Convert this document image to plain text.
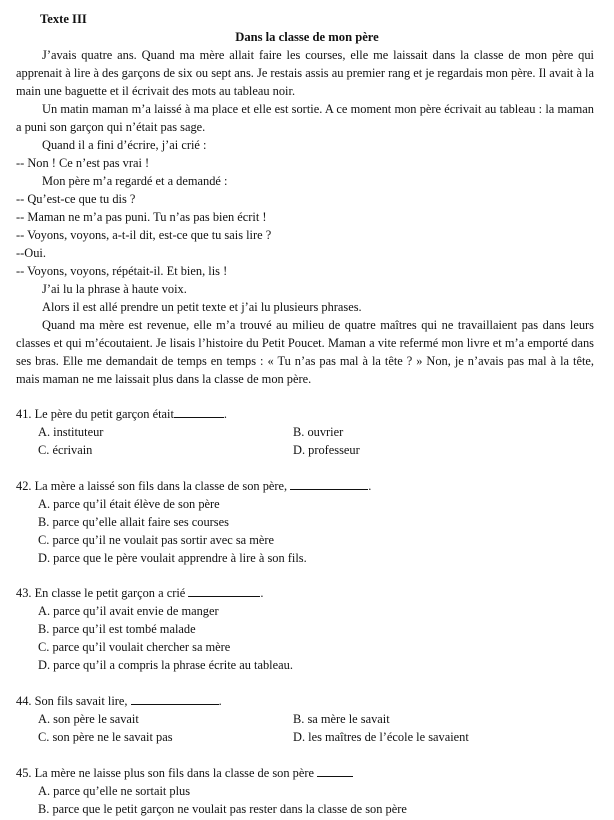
Texte III
Dans la classe de mon père

J’avais quatre ans. Quand ma mère allait faire les courses, elle me laissait dans la classe de mon père qui apprenait à lire à des garçons de six ou sept ans. Je restais assis au premier rang et je regardais mon père. Il avait à la main une baguette et il écrivait des mots au tableau noir.

Un matin maman m’a laissé à ma place et elle est sortie. A ce moment mon père écrivait au tableau : la maman a puni son garçon qui n’était pas sage.

Quand il a fini d’écrire, j’ai crié :

-- Non ! Ce n’est pas vrai !

Mon père m’a regardé et a demandé :

-- Qu’est-ce que tu dis ?

-- Maman ne m’a pas puni. Tu n’as pas bien écrit !

-- Voyons, voyons, a-t-il dit, est-ce que tu sais lire ?

--Oui.

-- Voyons, voyons, répétait-il. Et bien, lis !

J’ai lu la phrase à haute voix.

Alors il est allé prendre un petit texte et j’ai lu plusieurs phrases.

Quand ma mère est revenue, elle m’a trouvé au milieu de quatre maîtres qui ne travaillaient pas dans leurs classes et qui m’écoutaient. Je lisais l’histoire du Petit Poucet. Maman a vite refermé mon livre et m’a emporté dans ses bras. Elle me demandait de temps en temps : « Tu n’as pas mal à la tête ? » Non, je n’avais pas mal à la tête, mais maman ne me laissait plus dans la classe de mon père.

41. Le père du petit garçon était	.

A. instituteur	B. ouvrier
C. écrivain	D. professeur

42. La mère a laissé son fils dans la classe de son père,	.

A. parce qu’il était élève de son père
B. parce qu’elle allait faire ses courses
C. parce qu’il ne voulait pas sortir avec sa mère
D. parce que le père voulait apprendre à lire à son fils.

43. En classe le petit garçon a crié	.

A. parce qu’il avait envie de manger
B. parce qu’il est tombé malade
C. parce qu’il voulait chercher sa mère
D. parce qu’il a compris la phrase écrite au tableau.

44. Son fils savait lire,	.

A. son père le savait	B. sa mère le savait
C. son père ne le savait pas	D. les maîtres de l’école le savaient

45. La mère ne laisse plus son fils dans la classe de son père

A. parce qu’elle ne sortait plus
B. parce que le petit garçon ne voulait pas rester dans la classe de son père
